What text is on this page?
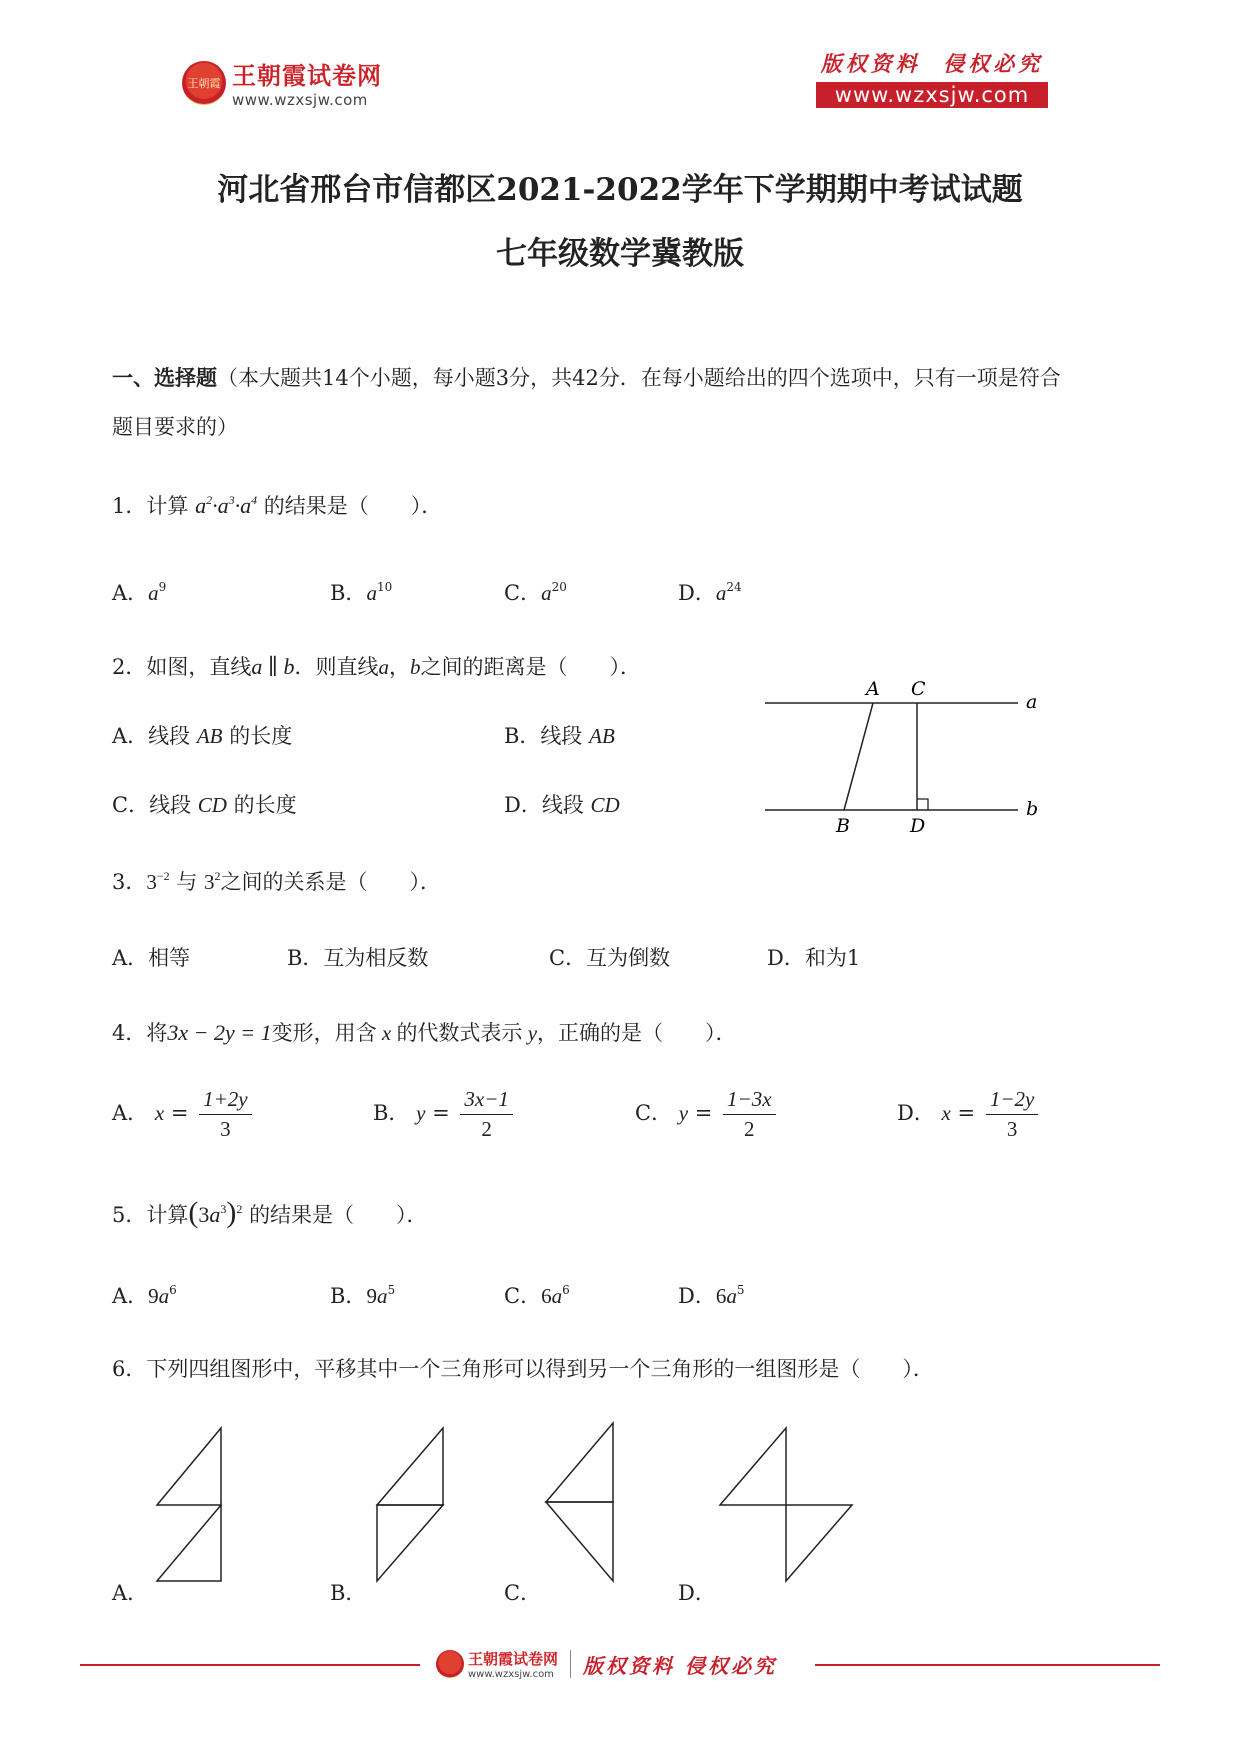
王朝霞 王朝霞试卷网
www.wzxsjw.com
版权资料  侵权必究
www.wzxsjw.com
河北省邢台市信都区2021-2022学年下学期期中考试试题
七年级数学冀教版
一、选择题（本大题共14个小题，每小题3分，共42分．在每小题给出的四个选项中，只有一项是符合
题目要求的）
1．计算 $a^2\cdot a^3\cdot a^4$ 的结果是（　　）．
A．$a^9$	B．$a^{10}$	C．$a^{20}$	D．$a^{24}$
2．如图，直线a ∥ b．则直线a，b之间的距离是（　　）．
A．线段 AB 的长度	B．线段 AB
C．线段 CD 的长度	D．线段 CD
A C
a
B	D
b
3．$3^{-2}$ 与 $3^2$之间的关系是（　　）．
A．相等	B．互为相反数	C．互为倒数	D．和为1
4．将3x − 2y = 1变形，用含 x 的代数式表示 y，正确的是（　　）．
A． $x = \frac{1+2y}{3}$	B． $y = \frac{3x-1}{2}$	C． $y = \frac{1-3x}{2}$	D． $x = \frac{1-2y}{3}$
5．计算$(3a^3)^2$ 的结果是（　　）．
A．$9a^6$	B．$9a^5$	C．$6a^6$	D．$6a^5$
6．下列四组图形中，平移其中一个三角形可以得到另一个三角形的一组图形是（　　）．
A．	B．	C．	D．
王朝霞试卷网
www.wzxsjw.com 版权资料 侵权必究
